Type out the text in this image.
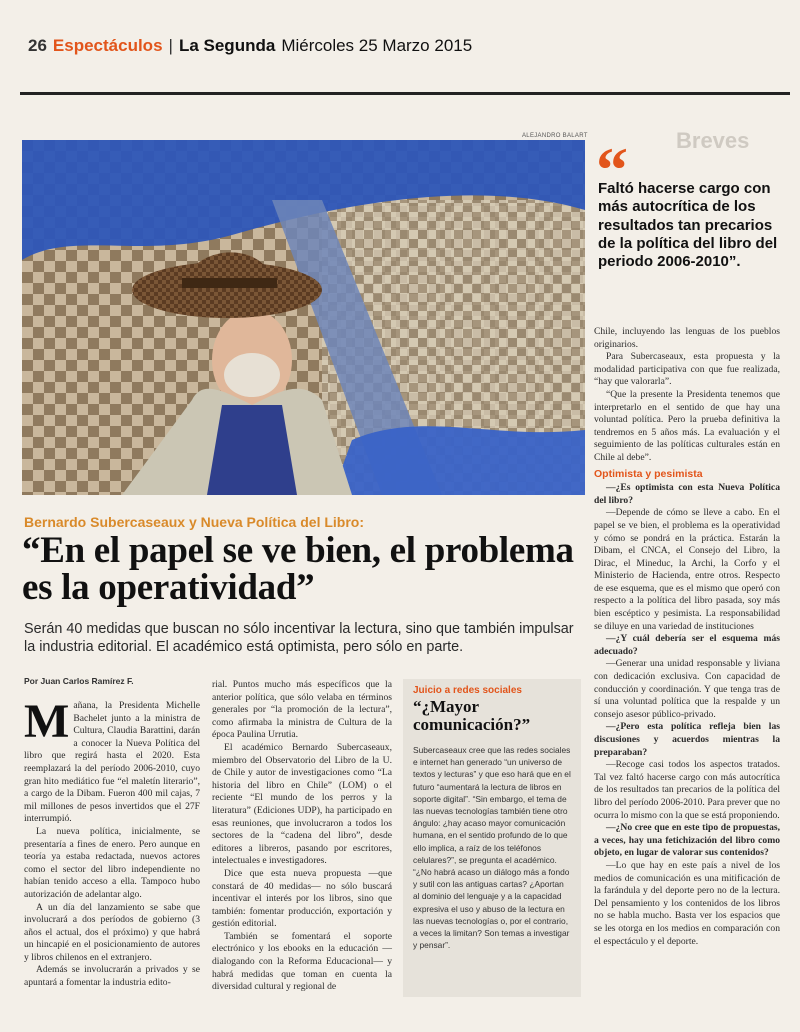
26 Espectáculos | La Segunda Miércoles 25 Marzo 2015
Breves
ALEJANDRO BALART “
Faltó hacerse cargo con más autocrítica de los resultados tan precarios de la política del libro del periodo 2006-2010”.

Chile, incluyendo las lenguas de los pueblos originarios.

Para Subercaseaux, esta propuesta y la modalidad participativa con que fue realizada, “hay que valorarla”.

“Que la presente la Presidenta tenemos que interpretarlo en el sentido de que hay una voluntad política. Pero la prueba definitiva la tendremos en 5 años más. La evaluación y el seguimiento de las políticas culturales están en Chile al debe”.

Optimista y pesimista

—¿Es optimista con esta Nueva Política del libro?

—Depende de cómo se lleve a cabo. En el papel se ve bien, el problema es la operatividad y cómo se pondrá en la práctica. Estarán la Dibam, el CNCA, el Consejo del Libro, la Dirac, el Mineduc, la Archi, la Corfo y el Ministerio de Hacienda, entre otros. Respecto de ese esquema, que es el mismo que operó con respecto a la política del libro pasada, soy más bien escéptico y pesimista. La responsabilidad se diluye en una variedad de instituciones

—¿Y cuál debería ser el esquema más adecuado?

—Generar una unidad responsable y liviana con dedicación exclusiva. Con capacidad de conducción y coordinación. Y que tenga tras de sí una voluntad política que la respalde y un consejo asesor público-privado.

—¿Pero esta política refleja bien las discusiones y acuerdos mientras la preparaban?

—Recoge casi todos los aspectos tratados. Tal vez faltó hacerse cargo con más autocrítica de los resultados tan precarios de la política del libro del período 2006-2010. Para prever que no ocurra lo mismo con la que se está proponiendo.

—¿No cree que en este tipo de propuestas, a veces, hay una fetichización del libro como objeto, en lugar de valorar sus contenidos?

—Lo que hay en este país a nivel de los medios de comunicación es una mitificación de la farándula y del deporte pero no de la lectura. Del pensamiento y los contenidos de los libros no se habla mucho. Basta ver los espacios que se les otorga en los medios en comparación con el espectáculo y el deporte.

Bernardo Subercaseaux y Nueva Política del Libro:
“En el papel se ve bien, el problema es la operatividad”
Serán 40 medidas que buscan no sólo incentivar la lectura, sino que también impulsar la industria editorial. El académico está optimista, pero sólo en parte.
Por Juan Carlos Ramírez F.

Mañana, la Presidenta Michelle Bachelet junto a la ministra de Cultura, Claudia Barattini, darán a conocer la Nueva Política del libro que regirá hasta el 2020. Esta reemplazará la del período 2006-2010, cuyo gran hito mediático fue “el maletín literario”, a cargo de la Dibam. Fueron 400 mil cajas, 7 mil millones de pesos invertidos que el 27F interrumpió.

La nueva política, inicialmente, se presentaría a fines de enero. Pero aunque en teoría ya estaba redactada, nuevos actores como el sector del libro independiente no habían tenido acceso a ella. Tampoco hubo autorización de adelantar algo.

A un día del lanzamiento se sabe que involucrará a dos períodos de gobierno (3 años el actual, dos el próximo) y que habrá un hincapié en el posicionamiento de autores y libros chilenos en el extranjero.

Además se involucrarán a privados y se apuntará a fomentar la industria edito-

rial. Puntos mucho más específicos que la anterior política, que sólo velaba en términos generales por “la promoción de la lectura”, como afirmaba la ministra de Cultura de la época Paulina Urrutia.

El académico Bernardo Subercaseaux, miembro del Observatorio del Libro de la U. de Chile y autor de investigaciones como “La historia del libro en Chile” (LOM) o el reciente “El mundo de los perros y la literatura” (Ediciones UDP), ha participado en esas reuniones, que involucraron a todos los sectores de la “cadena del libro”, desde editores a libreros, pasando por escritores, intelectuales e investigadores.

Dice que esta nueva propuesta —que constará de 40 medidas— no sólo buscará incentivar el interés por los libros, sino que también: fomentar producción, exportación y gestión editorial.

También se fomentará el soporte electrónico y los ebooks en la educación —dialogando con la Reforma Educacional— y habrá medidas que toman en cuenta la diversidad cultural y regional de

Juicio a redes sociales
“¿Mayor comunicación?”
Subercaseaux cree que las redes sociales e internet han generado “un universo de textos y lecturas” y que eso hará que en el futuro “aumentará la lectura de libros en soporte digital”. “Sin embargo, el tema de las nuevas tecnologías también tiene otro ángulo: ¿hay acaso mayor comunicación humana, en el sentido profundo de lo que ello implica, a raíz de los teléfonos celulares?”, se pregunta el académico. “¿No habrá acaso un diálogo más a fondo y sutil con las antiguas cartas? ¿Aportan al dominio del lenguaje y a la capacidad expresiva el uso y abuso de la lectura en las nuevas tecnologías o, por el contrario, a veces la limitan? Son temas a investigar y pensar”.
